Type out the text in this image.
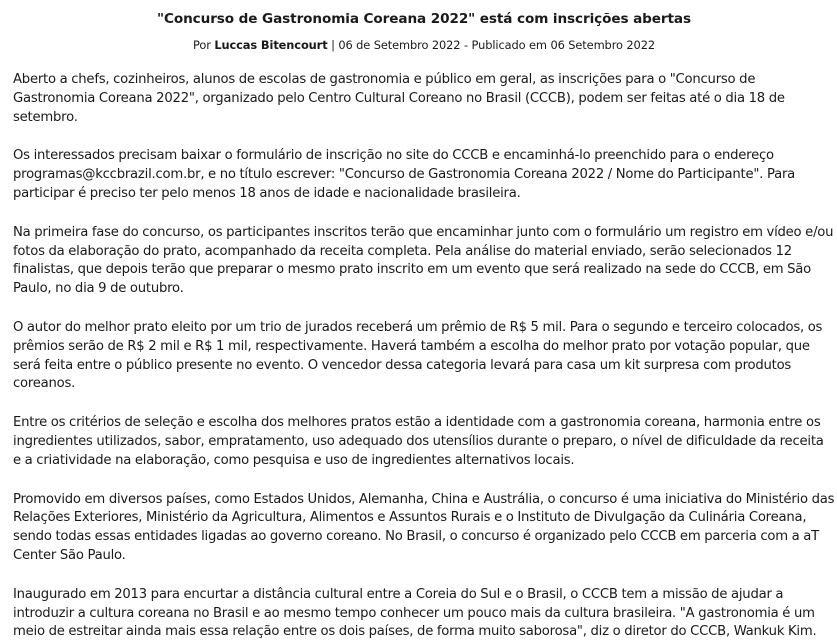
"Concurso de Gastronomia Coreana 2022" está com inscrições abertas
Por Luccas Bitencourt | 06 de Setembro 2022 - Publicado em 06 Setembro 2022

Aberto a chefs, cozinheiros, alunos de escolas de gastronomia e público em geral, as inscrições para o "Concurso de Gastronomia Coreana 2022", organizado pelo Centro Cultural Coreano no Brasil (CCCB), podem ser feitas até o dia 18 de setembro.

Os interessados precisam baixar o formulário de inscrição no site do CCCB e encaminhá-lo preenchido para o endereço programas@kccbrazil.com.br, e no título escrever: "Concurso de Gastronomia Coreana 2022 / Nome do Participante". Para participar é preciso ter pelo menos 18 anos de idade e nacionalidade brasileira.

Na primeira fase do concurso, os participantes inscritos terão que encaminhar junto com o formulário um registro em vídeo e/ou fotos da elaboração do prato, acompanhado da receita completa. Pela análise do material enviado, serão selecionados 12 finalistas, que depois terão que preparar o mesmo prato inscrito em um evento que será realizado na sede do CCCB, em São Paulo, no dia 9 de outubro.

O autor do melhor prato eleito por um trio de jurados receberá um prêmio de R$ 5 mil. Para o segundo e terceiro colocados, os prêmios serão de R$ 2 mil e R$ 1 mil, respectivamente. Haverá também a escolha do melhor prato por votação popular, que será feita entre o público presente no evento. O vencedor dessa categoria levará para casa um kit surpresa com produtos coreanos.

Entre os critérios de seleção e escolha dos melhores pratos estão a identidade com a gastronomia coreana, harmonia entre os ingredientes utilizados, sabor, empratamento, uso adequado dos utensílios durante o preparo, o nível de dificuldade da receita e a criatividade na elaboração, como pesquisa e uso de ingredientes alternativos locais.

Promovido em diversos países, como Estados Unidos, Alemanha, China e Austrália, o concurso é uma iniciativa do Ministério das Relações Exteriores, Ministério da Agricultura, Alimentos e Assuntos Rurais e o Instituto de Divulgação da Culinária Coreana, sendo todas essas entidades ligadas ao governo coreano. No Brasil, o concurso é organizado pelo CCCB em parceria com a aT Center São Paulo.

Inaugurado em 2013 para encurtar a distância cultural entre a Coreia do Sul e o Brasil, o CCCB tem a missão de ajudar a introduzir a cultura coreana no Brasil e ao mesmo tempo conhecer um pouco mais da cultura brasileira. "A gastronomia é um meio de estreitar ainda mais essa relação entre os dois países, de forma muito saborosa", diz o diretor do CCCB, Wankuk Kim.
